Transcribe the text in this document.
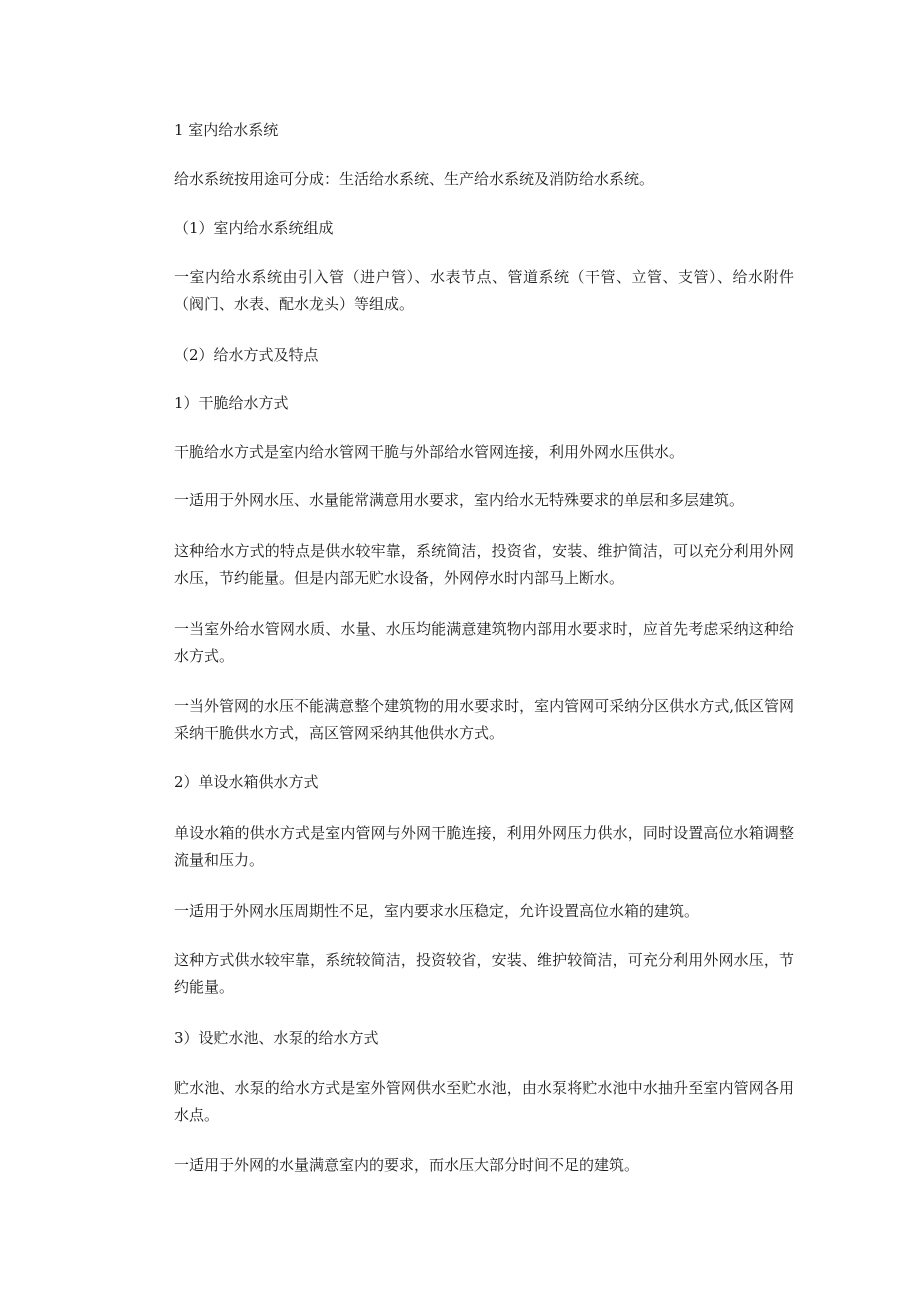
1 室内给水系统
给水系统按用途可分成：生活给水系统、生产给水系统及消防给水系统。
（1）室内给水系统组成
一室内给水系统由引入管（进户管）、水表节点、管道系统（干管、立管、支管）、给水附件（阀门、水表、配水龙头）等组成。
（2）给水方式及特点
1）干脆给水方式
干脆给水方式是室内给水管网干脆与外部给水管网连接，利用外网水压供水。
一适用于外网水压、水量能常满意用水要求，室内给水无特殊要求的单层和多层建筑。
这种给水方式的特点是供水较牢靠，系统简洁，投资省，安装、维护简洁，可以充分利用外网水压，节约能量。但是内部无贮水设备，外网停水时内部马上断水。
一当室外给水管网水质、水量、水压均能满意建筑物内部用水要求时，应首先考虑采纳这种给水方式。
一当外管网的水压不能满意整个建筑物的用水要求时，室内管网可采纳分区供水方式,低区管网采纳干脆供水方式，高区管网采纳其他供水方式。
2）单设水箱供水方式
单设水箱的供水方式是室内管网与外网干脆连接，利用外网压力供水，同时设置高位水箱调整流量和压力。
一适用于外网水压周期性不足，室内要求水压稳定，允许设置高位水箱的建筑。
这种方式供水较牢靠，系统较简洁，投资较省，安装、维护较简洁，可充分利用外网水压，节约能量。
3）设贮水池、水泵的给水方式
贮水池、水泵的给水方式是室外管网供水至贮水池，由水泵将贮水池中水抽升至室内管网各用水点。
一适用于外网的水量满意室内的要求，而水压大部分时间不足的建筑。
